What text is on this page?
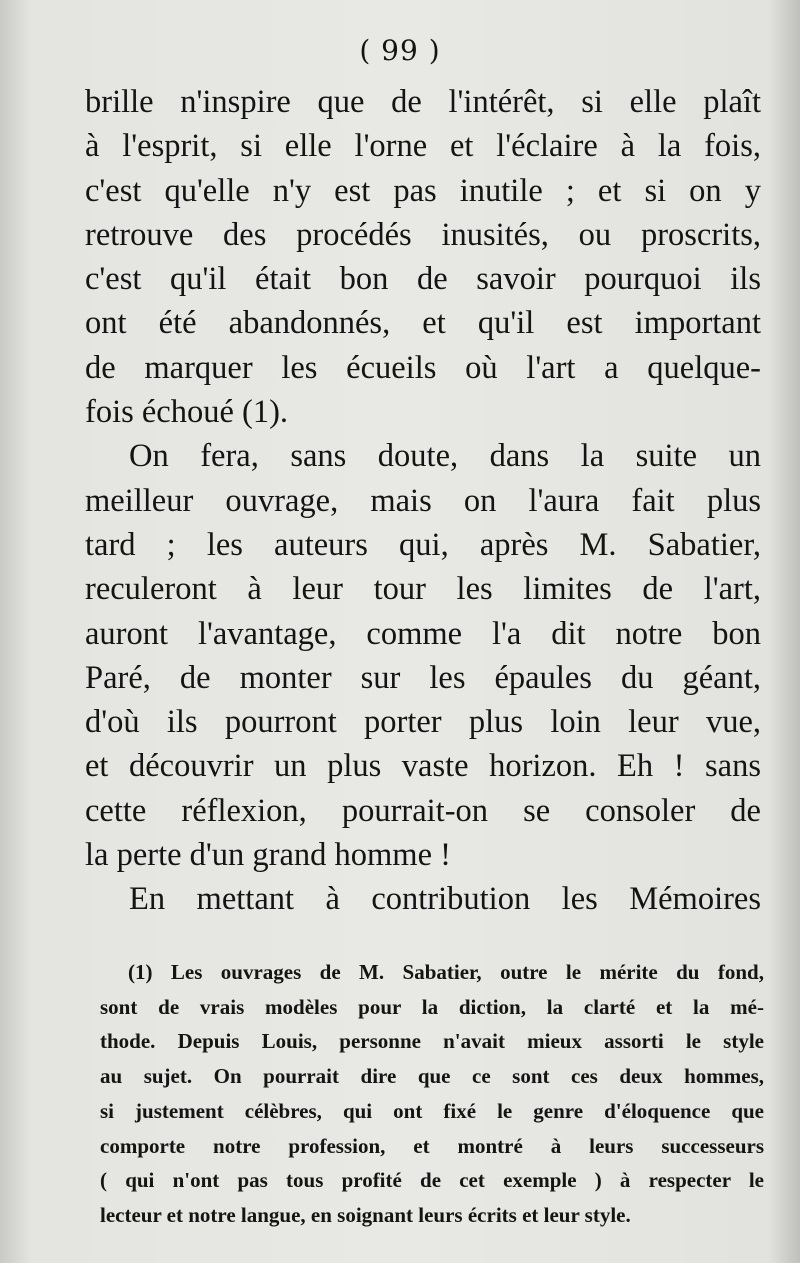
( 99 )
brille n'inspire que de l'intérêt, si elle plaît
à l'esprit, si elle l'orne et l'éclaire à la fois,
c'est qu'elle n'y est pas inutile ; et si on y
retrouve des procédés inusités, ou proscrits,
c'est qu'il était bon de savoir pourquoi ils
ont été abandonnés, et qu'il est important
de marquer les écueils où l'art a quelque-
fois échoué (1).
On fera, sans doute, dans la suite un
meilleur ouvrage, mais on l'aura fait plus
tard ; les auteurs qui, après M. Sabatier,
reculeront à leur tour les limites de l'art,
auront l'avantage, comme l'a dit notre bon
Paré, de monter sur les épaules du géant,
d'où ils pourront porter plus loin leur vue,
et découvrir un plus vaste horizon. Eh ! sans
cette réflexion, pourrait-on se consoler de
la perte d'un grand homme !
En mettant à contribution les Mémoires
(1) Les ouvrages de M. Sabatier, outre le mérite du fond,
sont de vrais modèles pour la diction, la clarté et la mé-
thode. Depuis Louis, personne n'avait mieux assorti le style
au sujet. On pourrait dire que ce sont ces deux hommes,
si justement célèbres, qui ont fixé le genre d'éloquence que
comporte notre profession, et montré à leurs successeurs
( qui n'ont pas tous profité de cet exemple ) à respecter le
lecteur et notre langue, en soignant leurs écrits et leur style.
